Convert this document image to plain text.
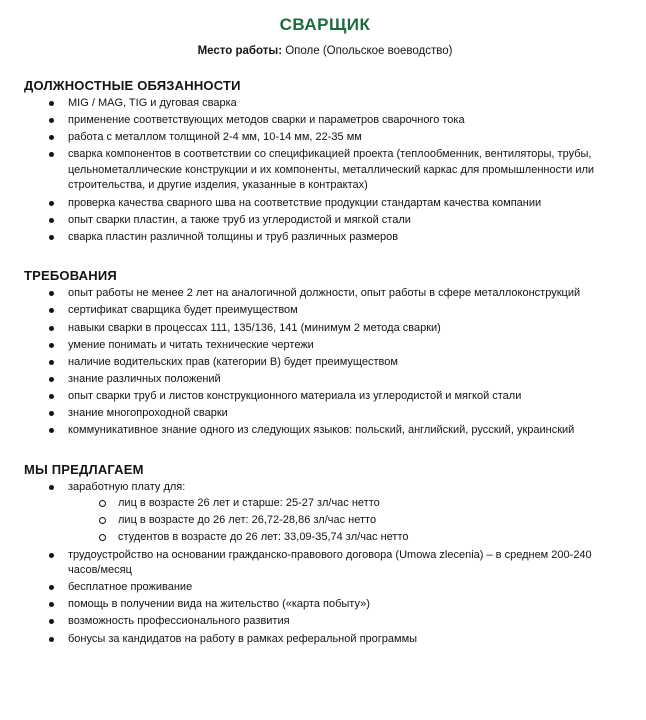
СВАРЩИК
Место работы: Ополе (Опольское воеводство)
ДОЛЖНОСТНЫЕ ОБЯЗАННОСТИ
MIG / MAG, TIG и дуговая сварка
применение соответствующих методов сварки и параметров сварочного тока
работа с металлом толщиной 2-4 мм, 10-14 мм, 22-35 мм
сварка компонентов в соответствии со спецификацией проекта (теплообменник, вентиляторы, трубы, цельнометаллические конструкции и их компоненты, металлический каркас для промышленности или строительства, и другие изделия, указанные в контрактах)
проверка качества сварного шва на соответствие продукции стандартам качества компании
опыт сварки пластин, а также труб из углеродистой и мягкой стали
сварка пластин различной толщины и труб различных размеров
ТРЕБОВАНИЯ
опыт работы не менее 2 лет на аналогичной должности, опыт работы в сфере металлоконструкций
сертификат сварщика будет преимуществом
навыки сварки в процессах 111, 135/136, 141 (минимум 2 метода сварки)
умение понимать и читать технические чертежи
наличие водительских прав (категории B) будет преимуществом
знание различных положений
опыт сварки труб и листов конструкционного материала из углеродистой и мягкой стали
знание многопроходной сварки
коммуникативное знание одного из следующих языков: польский, английский, русский, украинский
МЫ ПРЕДЛАГАЕМ
заработную плату для:
лиц в возрасте 26 лет и старше: 25-27 зл/час нетто
лиц в возрасте до 26 лет: 26,72-28,86 зл/час нетто
студентов в возрасте до 26 лет: 33,09-35,74 зл/час нетто
трудоустройство на основании гражданско-правового договора (Umowa zlecenia) – в среднем 200-240 часов/месяц
бесплатное проживание
помощь в получении вида на жительство («карта побыту»)
возможность профессионального развития
бонусы за кандидатов на работу в рамках реферальной программы
